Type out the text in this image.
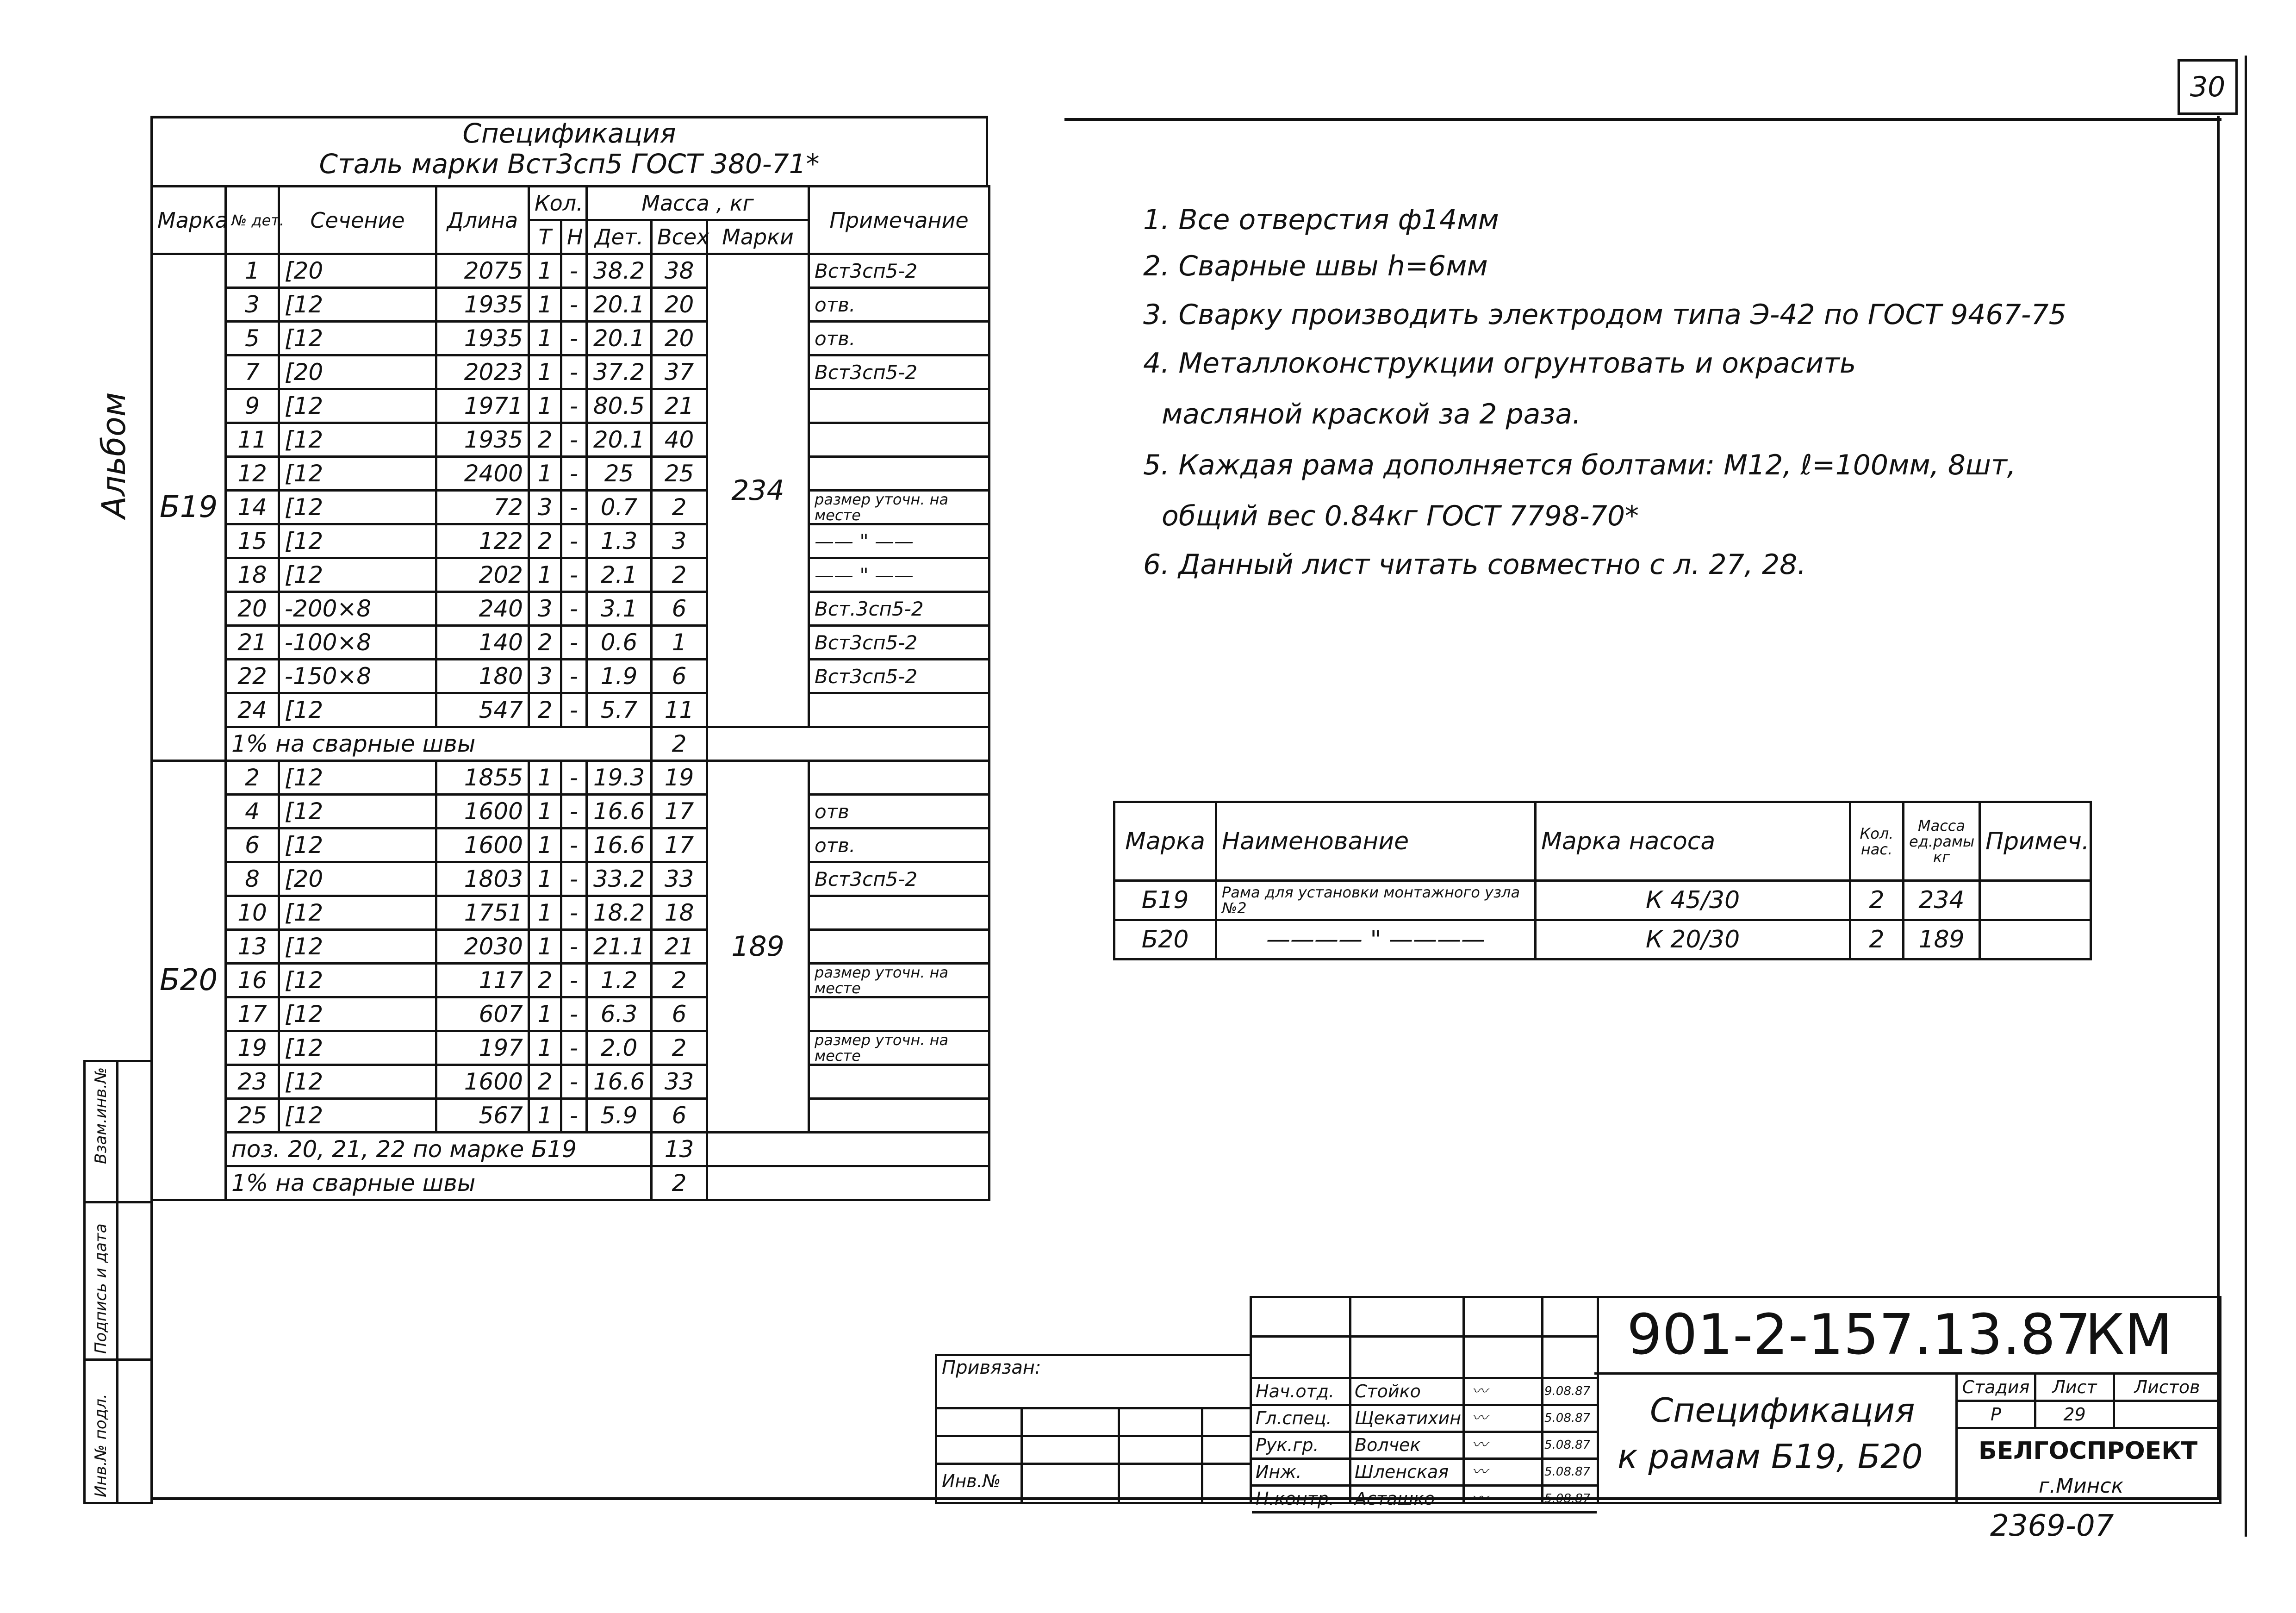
30
Альбом
Инв.№ подл.
Подпись и дата
Взам.инв.№
Спецификация
Сталь марки Вст3сп5 ГОСТ 380-71*
Марка	№ дет.	Сечение	Длина	Кол.		Масса , кг			Примечание
				Т	Н	Дет.	Всех	Марки	
Б19	1	[20	2075	1	-	38.2	38	234	Вст3сп5-2
	3	[12	1935	1	-	20.1	20		отв.
	5	[12	1935	1	-	20.1	20		отв.
	7	[20	2023	1	-	37.2	37		Вст3сп5-2
	9	[12	1971	1	-	80.5	21		
	11	[12	1935	2	-	20.1	40		
	12	[12	2400	1	-	25	25		
	14	[12	72	3	-	0.7	2		размер уточн. на месте
	15	[12	122	2	-	1.3	3		—— " ——
	18	[12	202	1	-	2.1	2		—— " ——
	20	-200×8	240	3	-	3.1	6		Вст.3сп5-2
	21	-100×8	140	2	-	0.6	1		Вст3сп5-2
	22	-150×8	180	3	-	1.9	6		Вст3сп5-2
	24	[12	547	2	-	5.7	11		
	1% на сварные швы						2		
Б20	2	[12	1855	1	-	19.3	19	189	
	4	[12	1600	1	-	16.6	17		отв
	6	[12	1600	1	-	16.6	17		отв.
	8	[20	1803	1	-	33.2	33		Вст3сп5-2
	10	[12	1751	1	-	18.2	18		
	13	[12	2030	1	-	21.1	21		
	16	[12	117	2	-	1.2	2		размер уточн. на месте
	17	[12	607	1	-	6.3	6		
	19	[12	197	1	-	2.0	2		размер уточн. на месте
	23	[12	1600	2	-	16.6	33		
	25	[12	567	1	-	5.9	6		
	поз. 20, 21, 22 по марке Б19						13		
	1% на сварные швы						2		
1. Все отверстия ф14мм
2. Сварные швы h=6мм
3. Сварку производить электродом типа Э-42 по ГОСТ 9467-75
4. Металлоконструкции огрунтовать и окрасить
масляной краской за 2 раза.
5. Каждая рама дополняется болтами: М12, ℓ=100мм, 8шт,
общий вес 0.84кг ГОСТ 7798-70*
6. Данный лист читать совместно с л. 27, 28.
Марка	Наименование	Марка насоса	Кол. нас.	Масса ед.рамы кг	Примеч.
Б19	Рама для установки монтажного узла №2	К 45/30	2	234	
Б20	———— " ————	К 20/30	2	189	
Привязан:
Инв.№
Нач.отд. Стойко	〰	9.08.87
Гл.спец. Щекатихин 〰	5.08.87
Рук.гр. Волчек	〰	5.08.87
Инж.	Шленская 〰	5.08.87
Н.контр. Асташко 〰	5.08.87
901-2-157.13.87
КМ
Спецификация
к рамам Б19, Б20
Стадия	Лист	Листов
Р	29	
БЕЛГОСПРОЕКТ
г.Минск
2369-07
